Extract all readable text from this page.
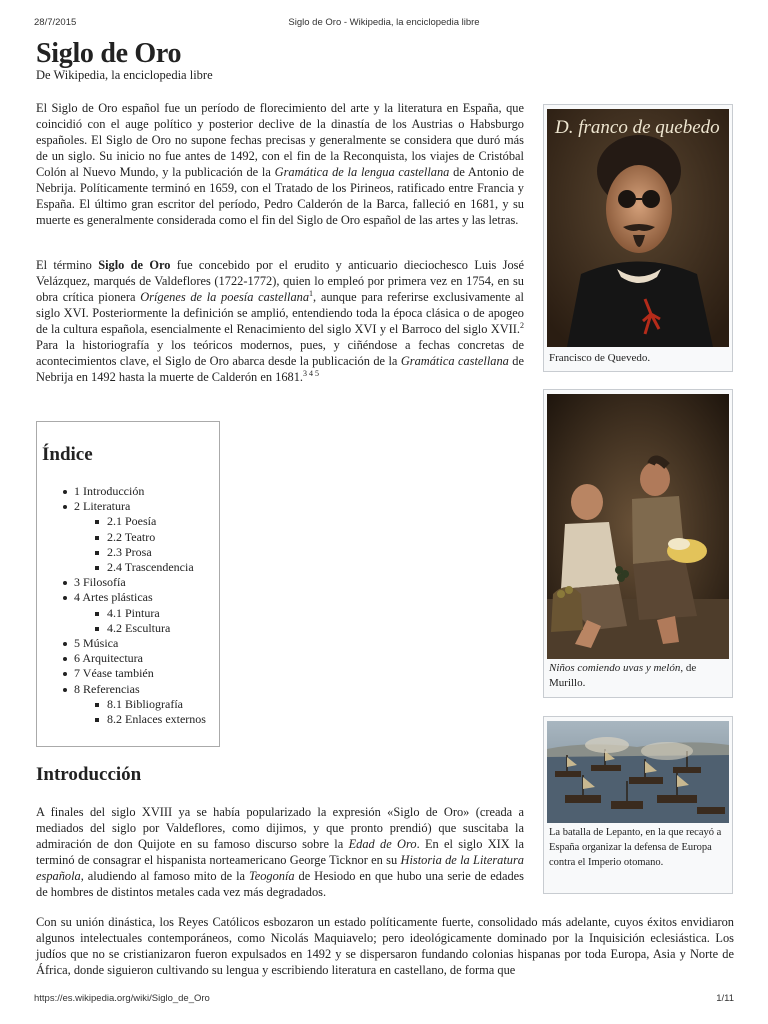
28/7/2015	Siglo de Oro - Wikipedia, la enciclopedia libre
Siglo de Oro
De Wikipedia, la enciclopedia libre

El Siglo de Oro español fue un período de florecimiento del arte y la literatura en España, que coincidió con el auge político y posterior declive de la dinastía de los Austrias o Habsburgo españoles. El Siglo de Oro no supone fechas precisas y generalmente se considera que duró más de un siglo. Su inicio no fue antes de 1492, con el fin de la Reconquista, los viajes de Cristóbal Colón al Nuevo Mundo, y la publicación de la Gramática de la lengua castellana de Antonio de Nebrija. Políticamente terminó en 1659, con el Tratado de los Pirineos, ratificado entre Francia y España. El último gran escritor del período, Pedro Calderón de la Barca, falleció en 1681, y su muerte es generalmente considerada como el fin del Siglo de Oro español de las artes y las letras.

El término Siglo de Oro fue concebido por el erudito y anticuario dieciochesco Luis José Velázquez, marqués de Valdeflores (1722-1772), quien lo empleó por primera vez en 1754, en su obra crítica pionera Orígenes de la poesía castellana$^1$, aunque para referirse exclusivamente al siglo XVI. Posteriormente la definición se amplió, entendiendo toda la época clásica o de apogeo de la cultura española, esencialmente el Renacimiento del siglo XVI y el Barroco del siglo XVII.$^2$ Para la historiografía y los teóricos modernos, pues, y ciñéndose a fechas concretas de acontecimientos clave, el Siglo de Oro abarca desde la publicación de la Gramática castellana de Nebrija en 1492 hasta la muerte de Calderón en 1681.$^{3 4 5}$

Índice
1 Introducción
2 Literatura
2.1 Poesía
2.2 Teatro
2.3 Prosa
2.4 Trascendencia
3 Filosofía
4 Artes plásticas
4.1 Pintura
4.2 Escultura
5 Música
6 Arquitectura
7 Véase también
8 Referencias
8.1 Bibliografía
8.2 Enlaces externos
Introducción

A finales del siglo XVIII ya se había popularizado la expresión «Siglo de Oro» (creada a mediados del siglo por Valdeflores, como dijimos, y que pronto prendió) que suscitaba la admiración de don Quijote en su famoso discurso sobre la Edad de Oro. En el siglo XIX la terminó de consagrar el hispanista norteamericano George Ticknor en su Historia de la Literatura española, aludiendo al famoso mito de la Teogonía de Hesiodo en que hubo una serie de edades de hombres de distintos metales cada vez más degradados.

Con su unión dinástica, los Reyes Católicos esbozaron un estado políticamente fuerte, consolidado más adelante, cuyos éxitos envidiaron algunos intelectuales contemporáneos, como Nicolás Maquiavelo; pero ideológicamente dominado por la Inquisición eclesiástica. Los judíos que no se cristianizaron fueron expulsados en 1492 y se dispersaron fundando colonias hispanas por toda Europa, Asia y Norte de África, donde siguieron cultivando su lengua y escribiendo literatura en castellano, de forma que

D. franco de quebedo
Francisco de Quevedo.
Niños comiendo uvas y melón, de Murillo.
La batalla de Lepanto, en la que recayó a España organizar la defensa de Europa contra el Imperio otomano.
https://es.wikipedia.org/wiki/Siglo_de_Oro	1/11
